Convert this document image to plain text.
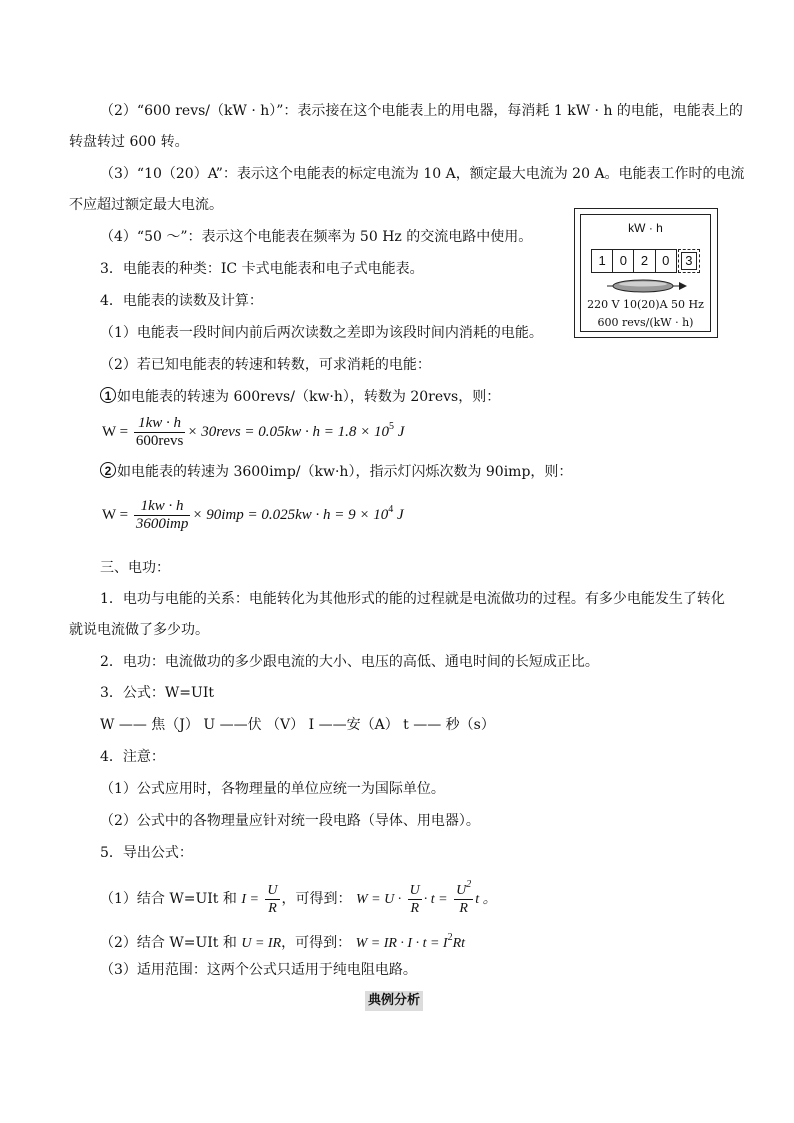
（2）“600 revs/（kW · h）”：表示接在这个电能表上的用电器，每消耗 1 kW · h 的电能，电能表上的
转盘转过 600 转。
（3）“10（20）A”：表示这个电能表的标定电流为 10 A，额定最大电流为 20 A。电能表工作时的电流
不应超过额定最大电流。
（4）“50 ～”：表示这个电能表在频率为 50 Hz 的交流电路中使用。
3．电能表的种类：IC 卡式电能表和电子式电能表。
4．电能表的读数及计算：
（1）电能表一段时间内前后两次读数之差即为该段时间内消耗的电能。
（2）若已知电能表的转速和转数，可求消耗的电能：
1 如电能表的转速为 600revs/（kw·h），转数为 20revs，则：
$W = \frac{1kw \cdot h}{\text{600revs}}$ × 30revs = $0.05kw \cdot h = 1.8 \times 10^5$ J
2 如电能表的转速为 3600imp/（kw·h），指示灯闪烁次数为 90imp，则：
$W = \frac{1kw \cdot h}{\text{3600imp}} \times 90imp = 0.025kw \cdot h = 9 \times 10^4$ J
三、电功：
1．电功与电能的关系：电能转化为其他形式的能的过程就是电流做功的过程。有多少电能发生了转化
就说电流做了多少功。
2．电功：电流做功的多少跟电流的大小、电压的高低、通电时间的长短成正比。
3．公式：W=UIt
W —— 焦（J） U ——伏 （V） I ——安（A） t —— 秒（s）
4．注意：
（1）公式应用时，各物理量的单位应统一为国际单位。
（2）公式中的各物理量应针对统一段电路（导体、用电器）。
5．导出公式：
（1）结合 W=UIt 和 $I = \frac{U}{R}$ ，可得到： $W = U \cdot \frac{U}{R} \cdot t = \frac{U^2}{R}$ t 。
（2）结合 W=UIt 和 U = IR，可得到： W = IR · $I \cdot t = I^2Rt$
（3）适用范围：这两个公式只适用于纯电阻电路。
kW · h
1	0	2	0	3
220 V 10(20)A 50 Hz
600 revs/(kW · h)
典例分析
